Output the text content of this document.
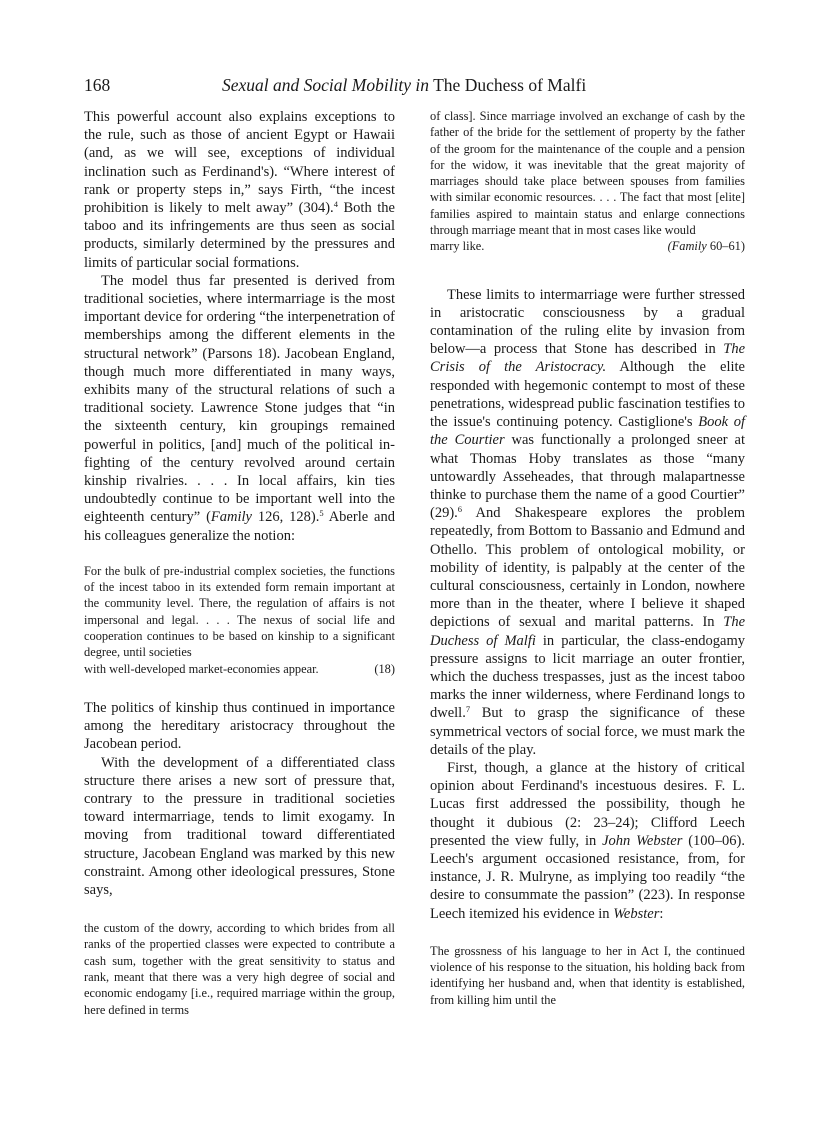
168	Sexual and Social Mobility in The Duchess of Malfi

This powerful account also explains exceptions to the rule, such as those of ancient Egypt or Hawaii (and, as we will see, exceptions of individual inclination such as Ferdinand's). “Where interest of rank or property steps in,” says Firth, “the incest prohibition is likely to melt away” (304).$^4$ Both the taboo and its infringements are thus seen as social products, similarly determined by the pressures and limits of particular social formations.

The model thus far presented is derived from traditional societies, where intermarriage is the most important device for ordering “the interpenetration of memberships among the different elements in the structural network” (Parsons 18). Jacobean England, though much more differentiated in many ways, exhibits many of the structural relations of such a traditional society. Lawrence Stone judges that “in the sixteenth century, kin groupings remained powerful in politics, [and] much of the political in-fighting of the century revolved around certain kinship rivalries. . . . In local affairs, kin ties undoubtedly continue to be important well into the eighteenth century” (Family 126, 128).$^5$ Aberle and his colleagues generalize the notion:

For the bulk of pre-industrial complex societies, the functions of the incest taboo in its extended form remain important at the community level. There, the regulation of affairs is not impersonal and legal. . . . The nexus of social life and cooperation continues to be based on kinship to a significant degree, until societies
with well-developed market-economies appear.	(18)

The politics of kinship thus continued in importance among the hereditary aristocracy throughout the Jacobean period.

With the development of a differentiated class structure there arises a new sort of pressure that, contrary to the pressure in traditional societies toward intermarriage, tends to limit exogamy. In moving from traditional toward differentiated structure, Jacobean England was marked by this new constraint. Among other ideological pressures, Stone says,

the custom of the dowry, according to which brides from all ranks of the propertied classes were expected to contribute a cash sum, together with the great sensitivity to status and rank, meant that there was a very high degree of social and economic endogamy [i.e., required marriage within the group, here defined in terms

of class]. Since marriage involved an exchange of cash by the father of the bride for the settlement of property by the father of the groom for the maintenance of the couple and a pension for the widow, it was inevitable that the great majority of marriages should take place between spouses from families with similar economic resources. . . . The fact that most [elite] families aspired to maintain status and enlarge connections through marriage meant that in most cases like would
marry like.	(Family 60–61)

These limits to intermarriage were further stressed in aristocratic consciousness by a gradual contamination of the ruling elite by invasion from below—a process that Stone has described in The Crisis of the Aristocracy. Although the elite responded with hegemonic contempt to most of these penetrations, widespread public fascination testifies to the issue's continuing potency. Castiglione's Book of the Courtier was functionally a prolonged sneer at what Thomas Hoby translates as those “many untowardly Asseheades, that through malapartnesse thinke to purchase them the name of a good Courtier” (29).$^6$ And Shakespeare explores the problem repeatedly, from Bottom to Bassanio and Edmund and Othello. This problem of ontological mobility, or mobility of identity, is palpably at the center of the cultural consciousness, certainly in London, nowhere more than in the theater, where I believe it shaped depictions of sexual and marital patterns. In The Duchess of Malfi in particular, the class-endogamy pressure assigns to licit marriage an outer frontier, which the duchess trespasses, just as the incest taboo marks the inner wilderness, where Ferdinand longs to dwell.$^7$ But to grasp the significance of these symmetrical vectors of social force, we must mark the details of the play.

First, though, a glance at the history of critical opinion about Ferdinand's incestuous desires. F. L. Lucas first addressed the possibility, though he thought it dubious (2: 23–24); Clifford Leech presented the view fully, in John Webster (100–06). Leech's argument occasioned resistance, from, for instance, J. R. Mulryne, as implying too readily “the desire to consummate the passion” (223). In response Leech itemized his evidence in Webster:

The grossness of his language to her in Act I, the continued violence of his response to the situation, his holding back from identifying her husband and, when that identity is established, from killing him until the
